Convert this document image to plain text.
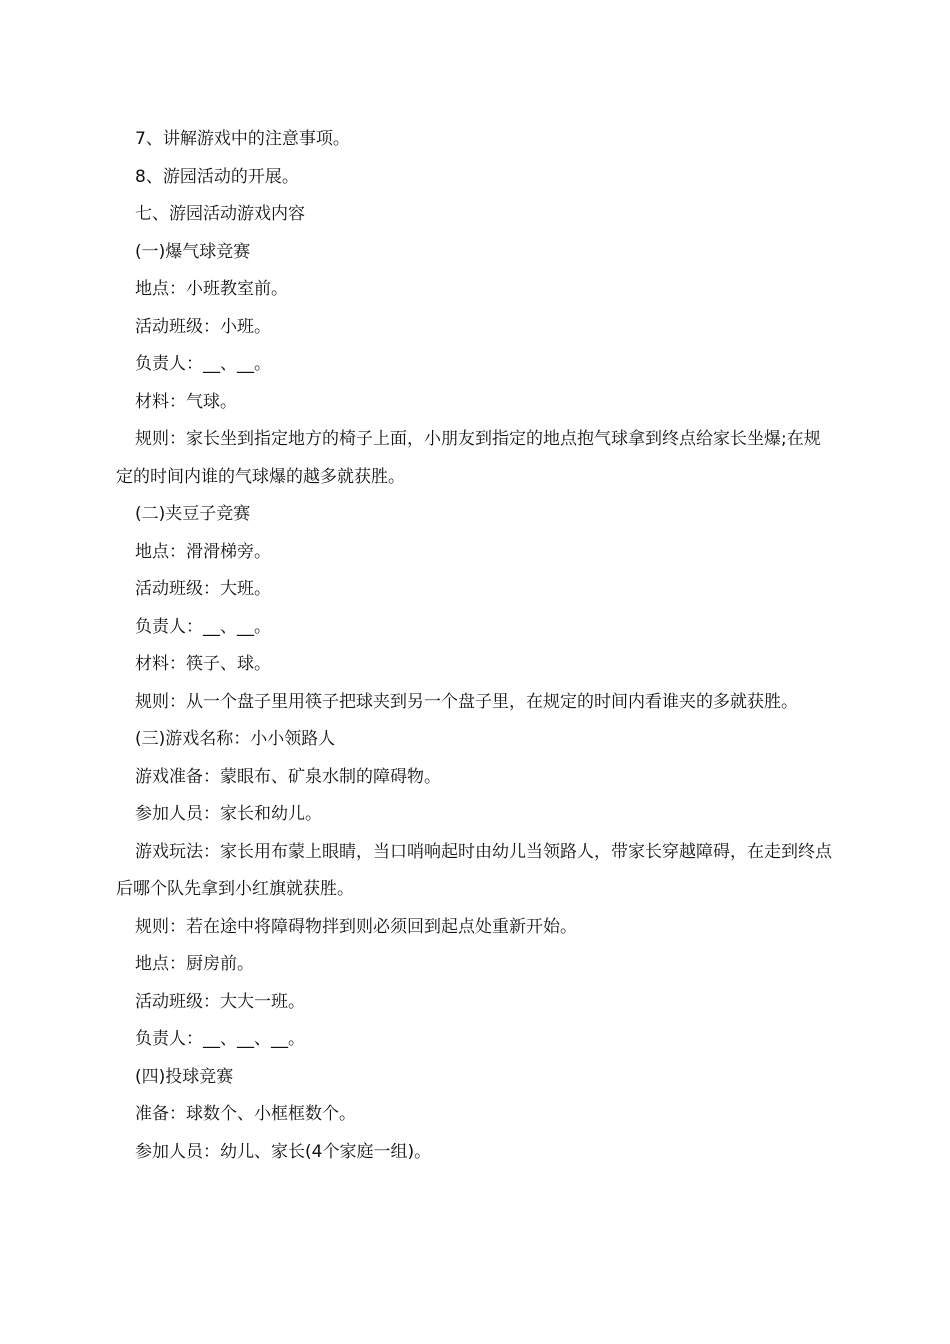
7、讲解游戏中的注意事项。

8、游园活动的开展。

七、游园活动游戏内容

(一)爆气球竞赛

地点：小班教室前。

活动班级：小班。

负责人：__、__。

材料：气球。

规则：家长坐到指定地方的椅子上面，小朋友到指定的地点抱气球拿到终点给家长坐爆;在规定的时间内谁的气球爆的越多就获胜。

(二)夹豆子竞赛

地点：滑滑梯旁。

活动班级：大班。

负责人：__、__。

材料：筷子、球。

规则：从一个盘子里用筷子把球夹到另一个盘子里，在规定的时间内看谁夹的多就获胜。

(三)游戏名称：小小领路人

游戏准备：蒙眼布、矿泉水制的障碍物。

参加人员：家长和幼儿。

游戏玩法：家长用布蒙上眼睛，当口哨响起时由幼儿当领路人，带家长穿越障碍，在走到终点后哪个队先拿到小红旗就获胜。

规则：若在途中将障碍物拌到则必须回到起点处重新开始。

地点：厨房前。

活动班级：大大一班。

负责人：__、__、__。

(四)投球竞赛

准备：球数个、小框框数个。

参加人员：幼儿、家长(4个家庭一组)。
